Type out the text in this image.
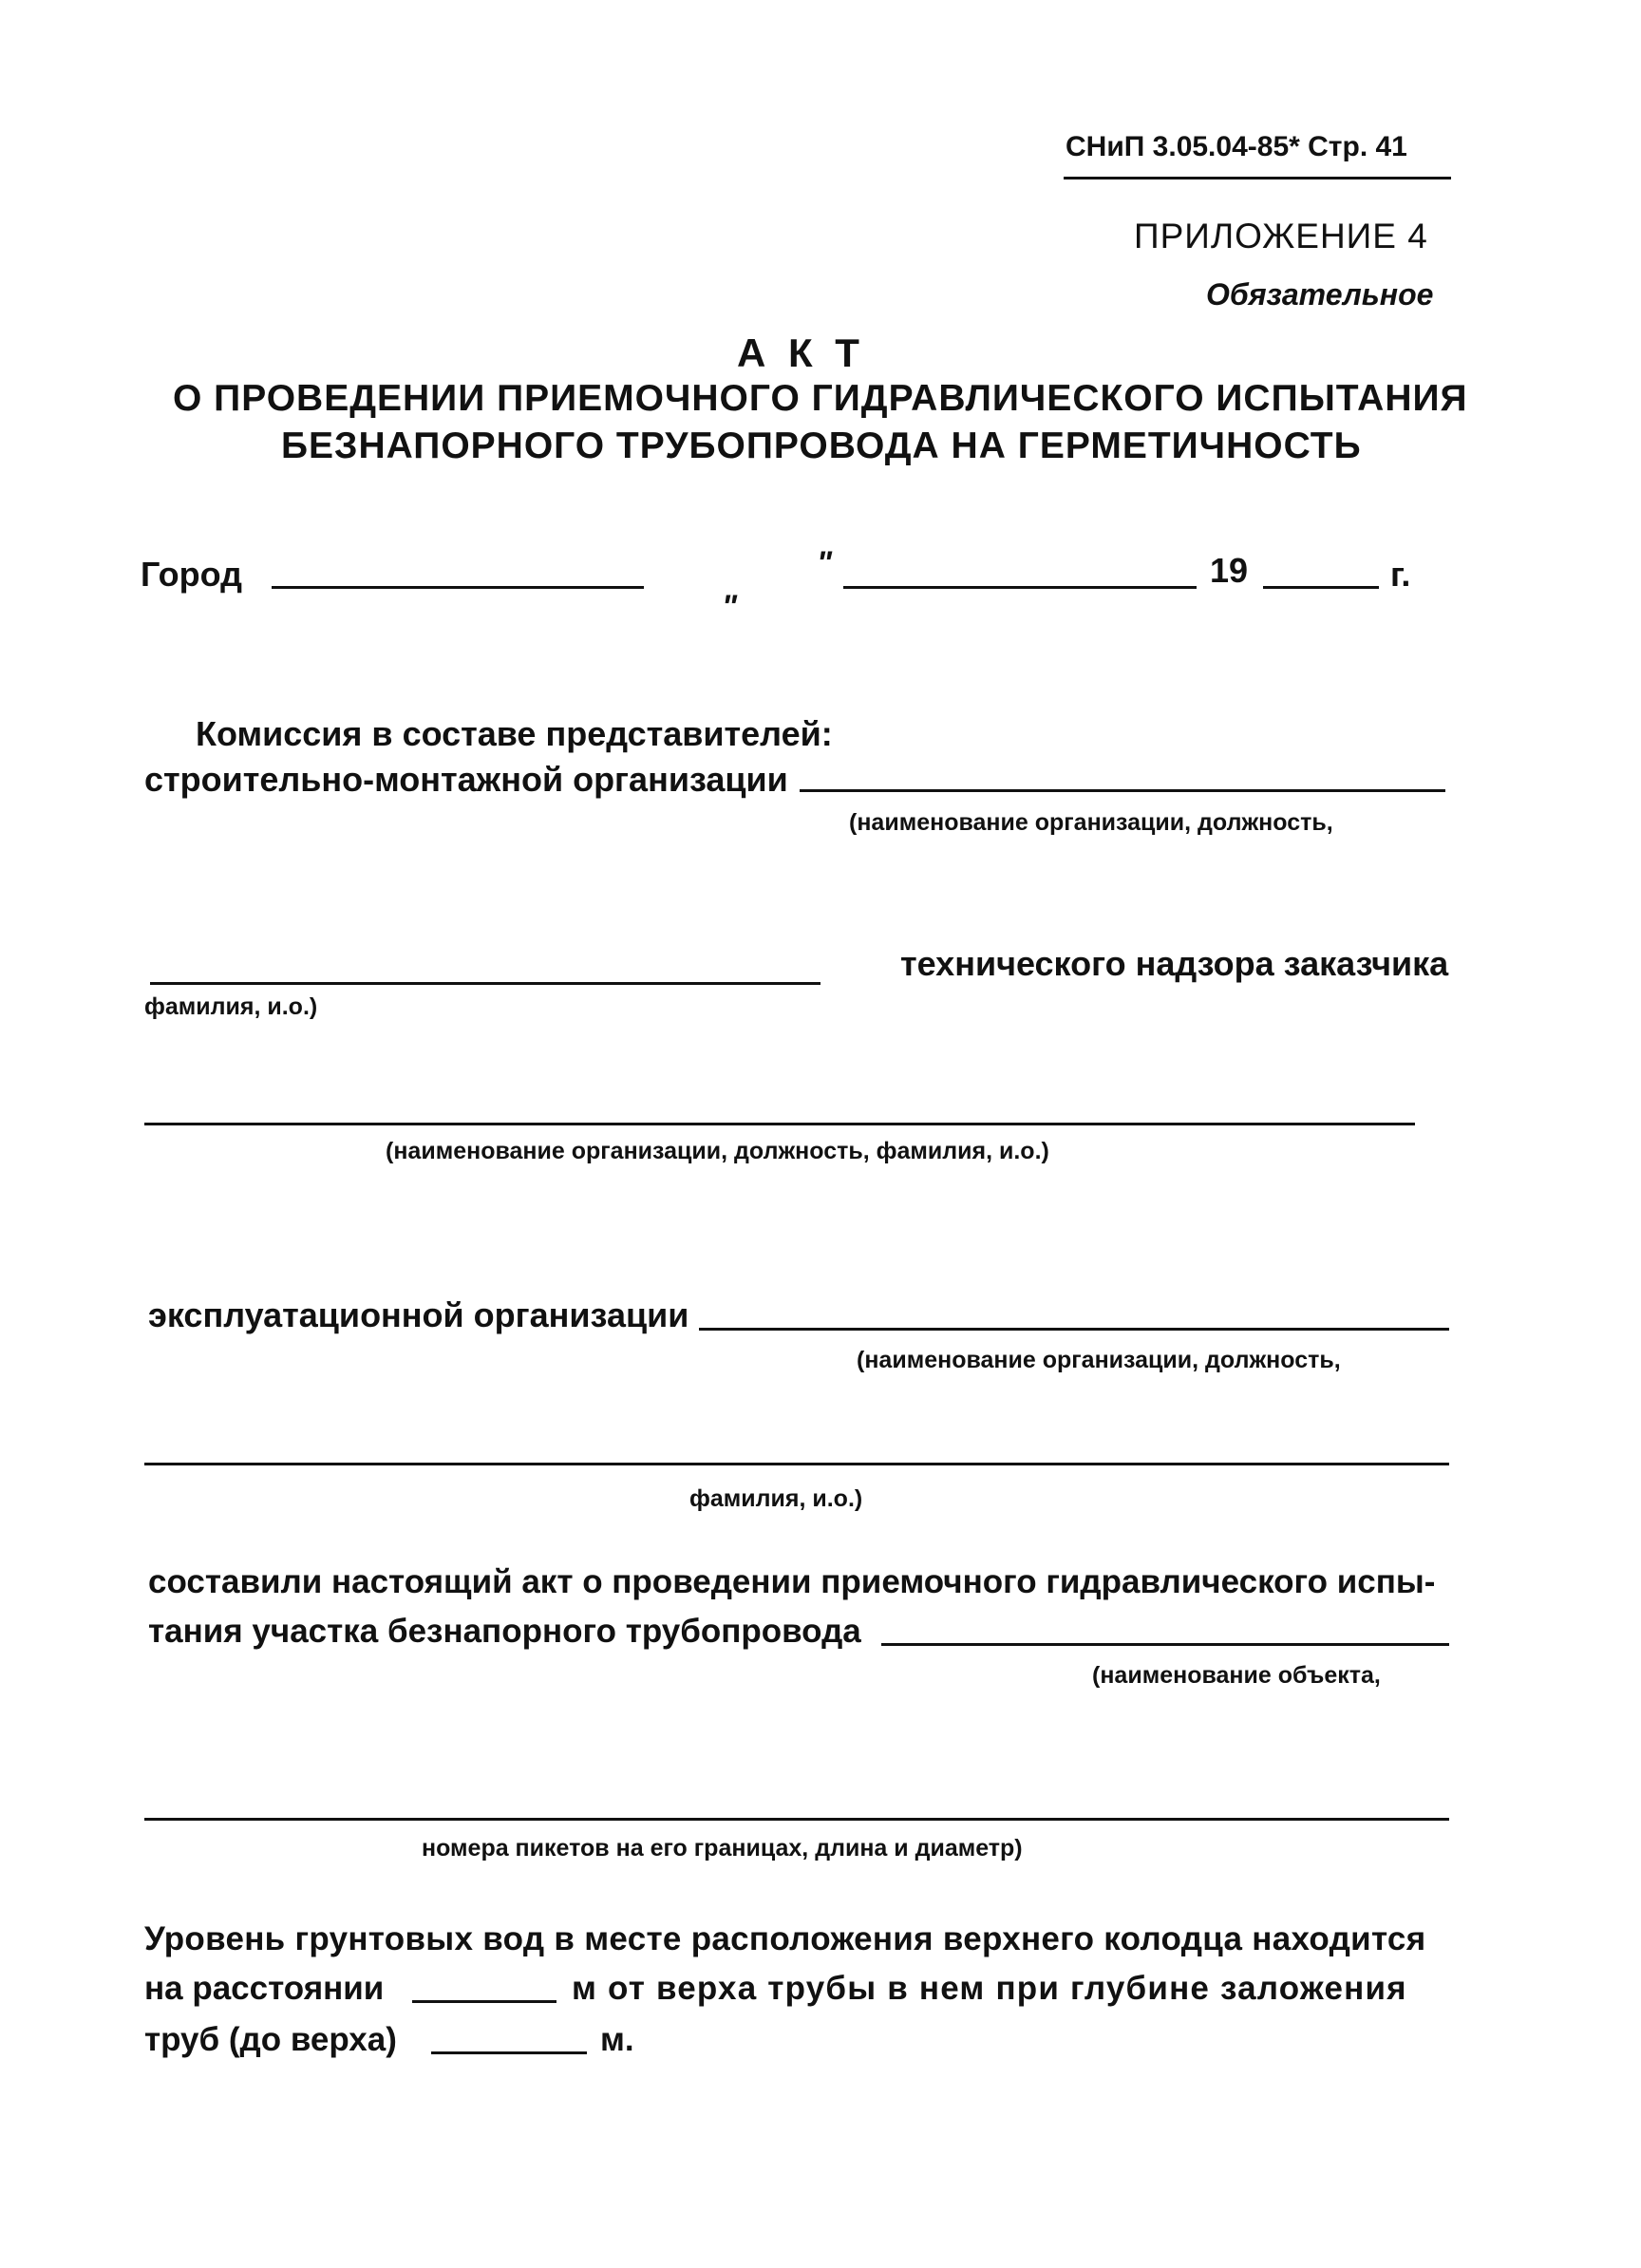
СНиП 3.05.04-85* Стр. 41
ПРИЛОЖЕНИЕ 4
Обязательное
А К Т
О ПРОВЕДЕНИИ ПРИЕМОЧНОГО ГИДРАВЛИЧЕСКОГО ИСПЫТАНИЯ
БЕЗНАПОРНОГО ТРУБОПРОВОДА НА ГЕРМЕТИЧНОСТЬ
Город
"
"	19	г.
Комиссия в составе представителей:
строительно-монтажной организации
(наименование организации, должность,
технического надзора заказчика
фамилия, и.о.)
(наименование организации, должность, фамилия, и.о.)
эксплуатационной организации
(наименование организации, должность,
фамилия, и.о.)
составили настоящий акт о проведении приемочного гидравлического испы-
тания участка безнапорного трубопровода
(наименование объекта,
номера пикетов на его границах, длина и диаметр)
Уровень грунтовых вод в месте расположения верхнего колодца находится
на расстоянии	м от верха трубы в нем при глубине заложения
труб (до верха)	м.
